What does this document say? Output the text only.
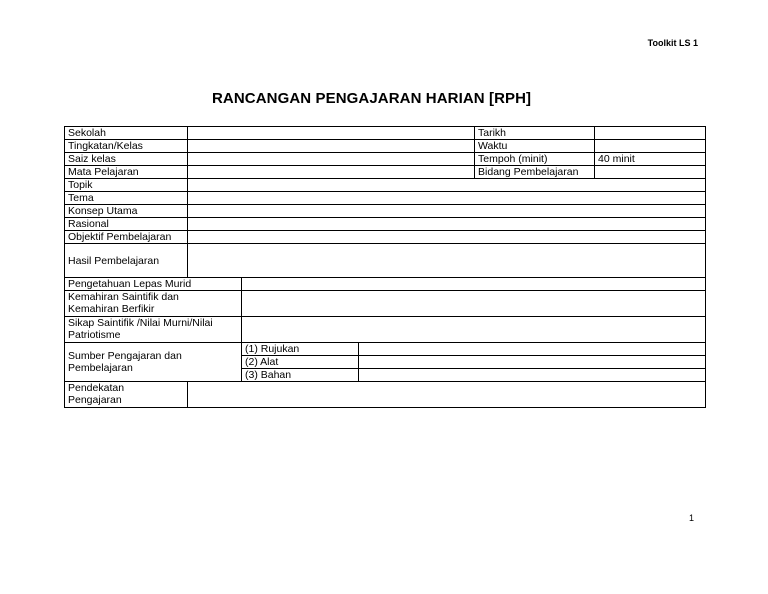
Toolkit LS 1
RANCANGAN PENGAJARAN HARIAN [RPH]
Sekolah				Tarikh	
Tingkatan/Kelas				Waktu	
Saiz kelas				Tempoh (minit)	40 minit
Mata Pelajaran				Bidang Pembelajaran	
Topik					
Tema					
Konsep Utama					
Rasional					
Objektif Pembelajaran					
Hasil Pembelajaran					
Pengetahuan Lepas Murid					

Kemahiran Saintifik dan
Kemahiran Berfikir					

Sikap Saintifik /Nilai Murni/Nilai
Patriotisme					

Sumber Pengajaran dan
Pembelajaran		(1) Rujukan			
		(2) Alat			
		(3) Bahan			

Pendekatan
Pengajaran					

1
